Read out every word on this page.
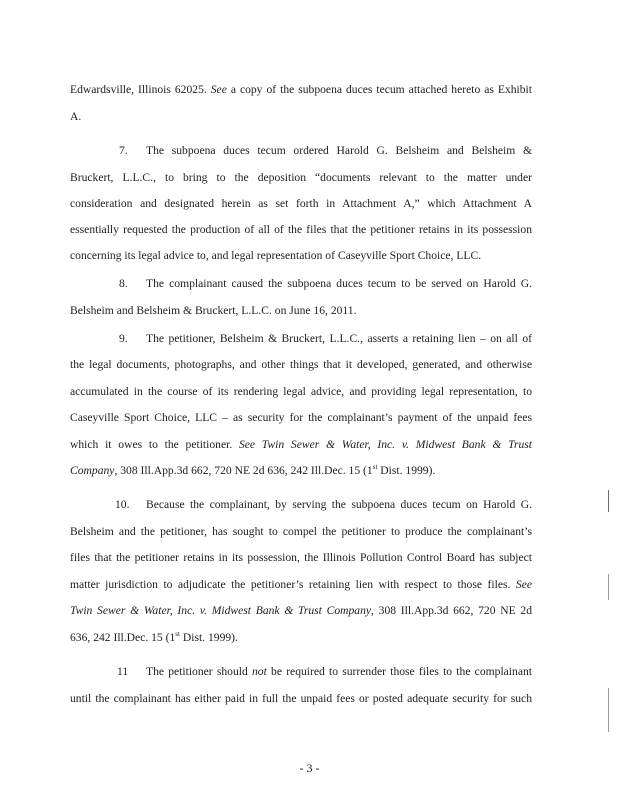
Edwardsville, Illinois 62025. See a copy of the subpoena duces tecum attached hereto as Exhibit
A.
7. The subpoena duces tecum ordered Harold G. Belsheim and Belsheim &
Bruckert, L.L.C., to bring to the deposition “documents relevant to the matter under
consideration and designated herein as set forth in Attachment A,” which Attachment A
essentially requested the production of all of the files that the petitioner retains in its possession
concerning its legal advice to, and legal representation of Caseyville Sport Choice, LLC.
8. The complainant caused the subpoena duces tecum to be served on Harold G.
Belsheim and Belsheim & Bruckert, L.L.C. on June 16, 2011.
9. The petitioner, Belsheim & Bruckert, L.L.C., asserts a retaining lien – on all of
the legal documents, photographs, and other things that it developed, generated, and otherwise
accumulated in the course of its rendering legal advice, and providing legal representation, to
Caseyville Sport Choice, LLC – as security for the complainant’s payment of the unpaid fees
which it owes to the petitioner. See Twin Sewer & Water, Inc. v. Midwest Bank & Trust
Company, 308 Ill.App.3d 662, 720 NE 2d 636, 242 Ill.Dec. 15 (1st Dist. 1999).
10. Because the complainant, by serving the subpoena duces tecum on Harold G.
Belsheim and the petitioner, has sought to compel the petitioner to produce the complainant’s
files that the petitioner retains in its possession, the Illinois Pollution Control Board has subject
matter jurisdiction to adjudicate the petitioner’s retaining lien with respect to those files. See
Twin Sewer & Water, Inc. v. Midwest Bank & Trust Company, 308 Ill.App.3d 662, 720 NE 2d
636, 242 Ill.Dec. 15 (1st Dist. 1999).
11 The petitioner should not be required to surrender those files to the complainant
until the complainant has either paid in full the unpaid fees or posted adequate security for such
- 3 -
